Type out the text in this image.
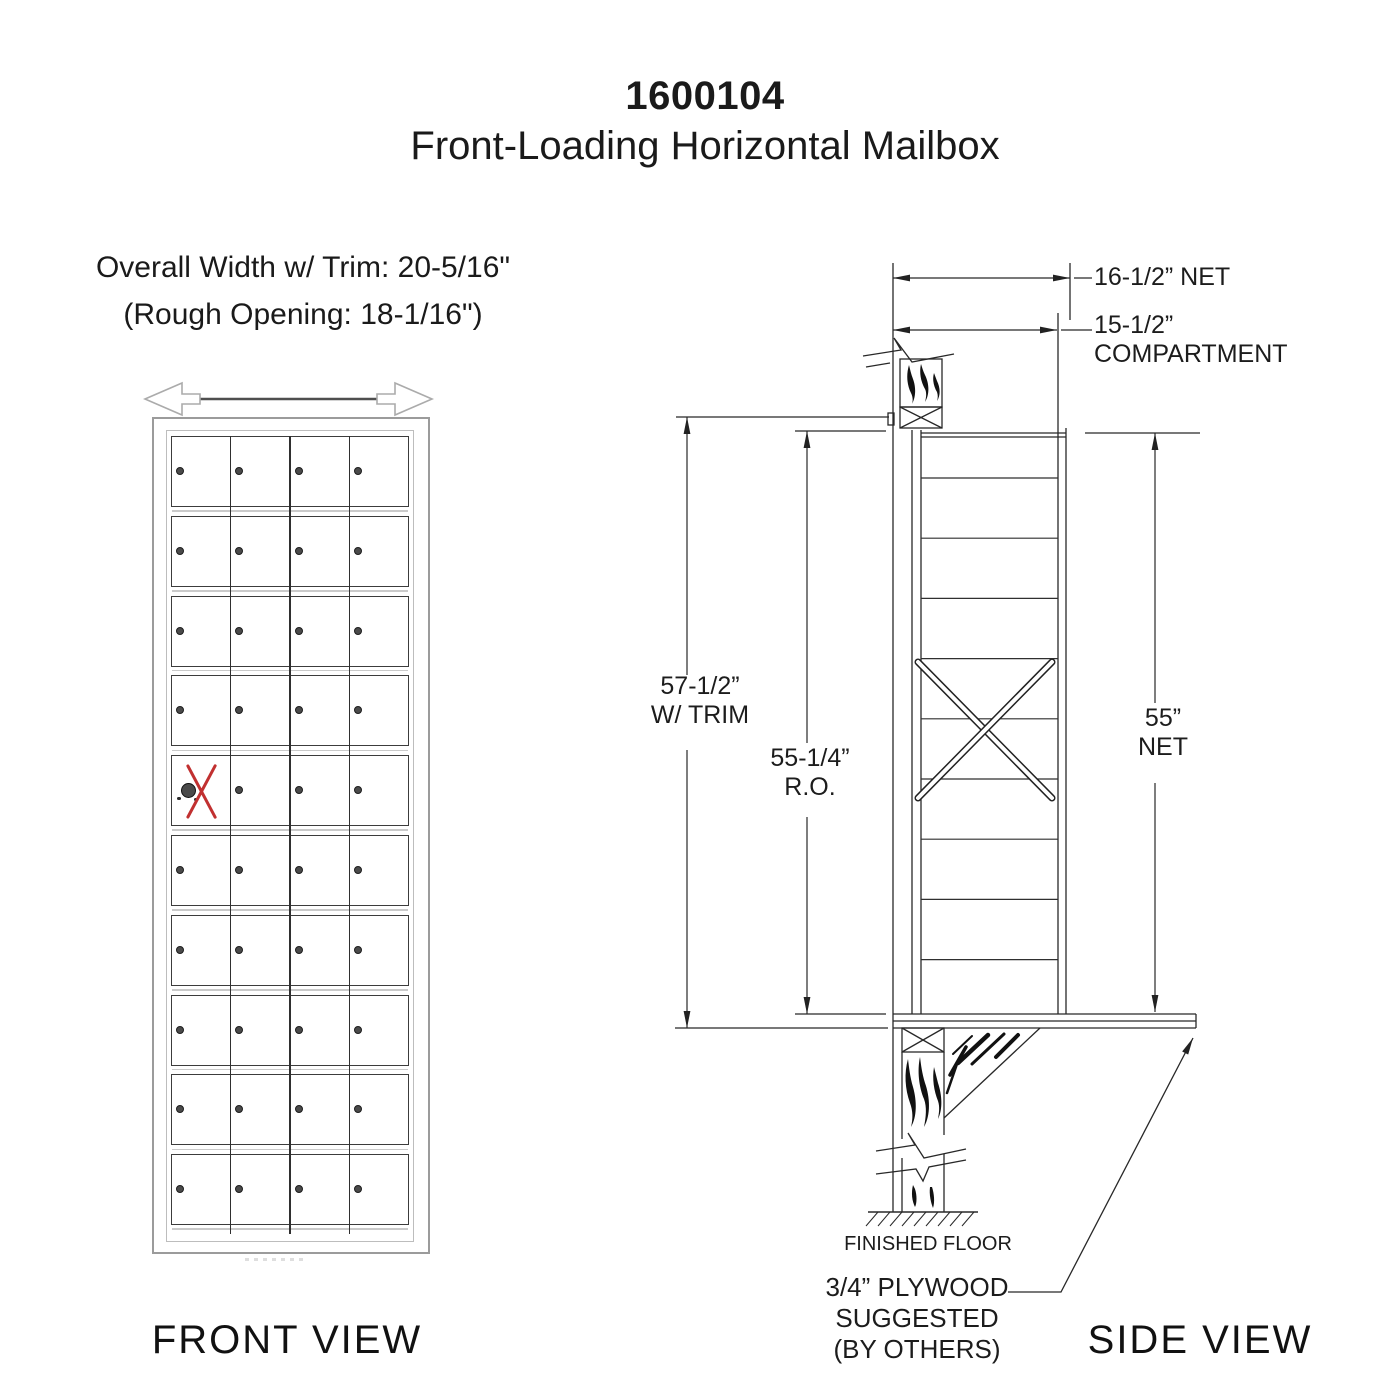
1600104
Front-Loading Horizontal Mailbox
Overall Width w/ Trim: 20-5/16"
(Rough Opening: 18-1/16")
FRONT VIEW
16-1/2” NET
15-1/2”
COMPARTMENT
57-1/2”
W/ TRIM
55-1/4”
R.O.
55”
NET
FINISHED FLOOR
3/4” PLYWOOD
SUGGESTED
(BY OTHERS)	SIDE VIEW
